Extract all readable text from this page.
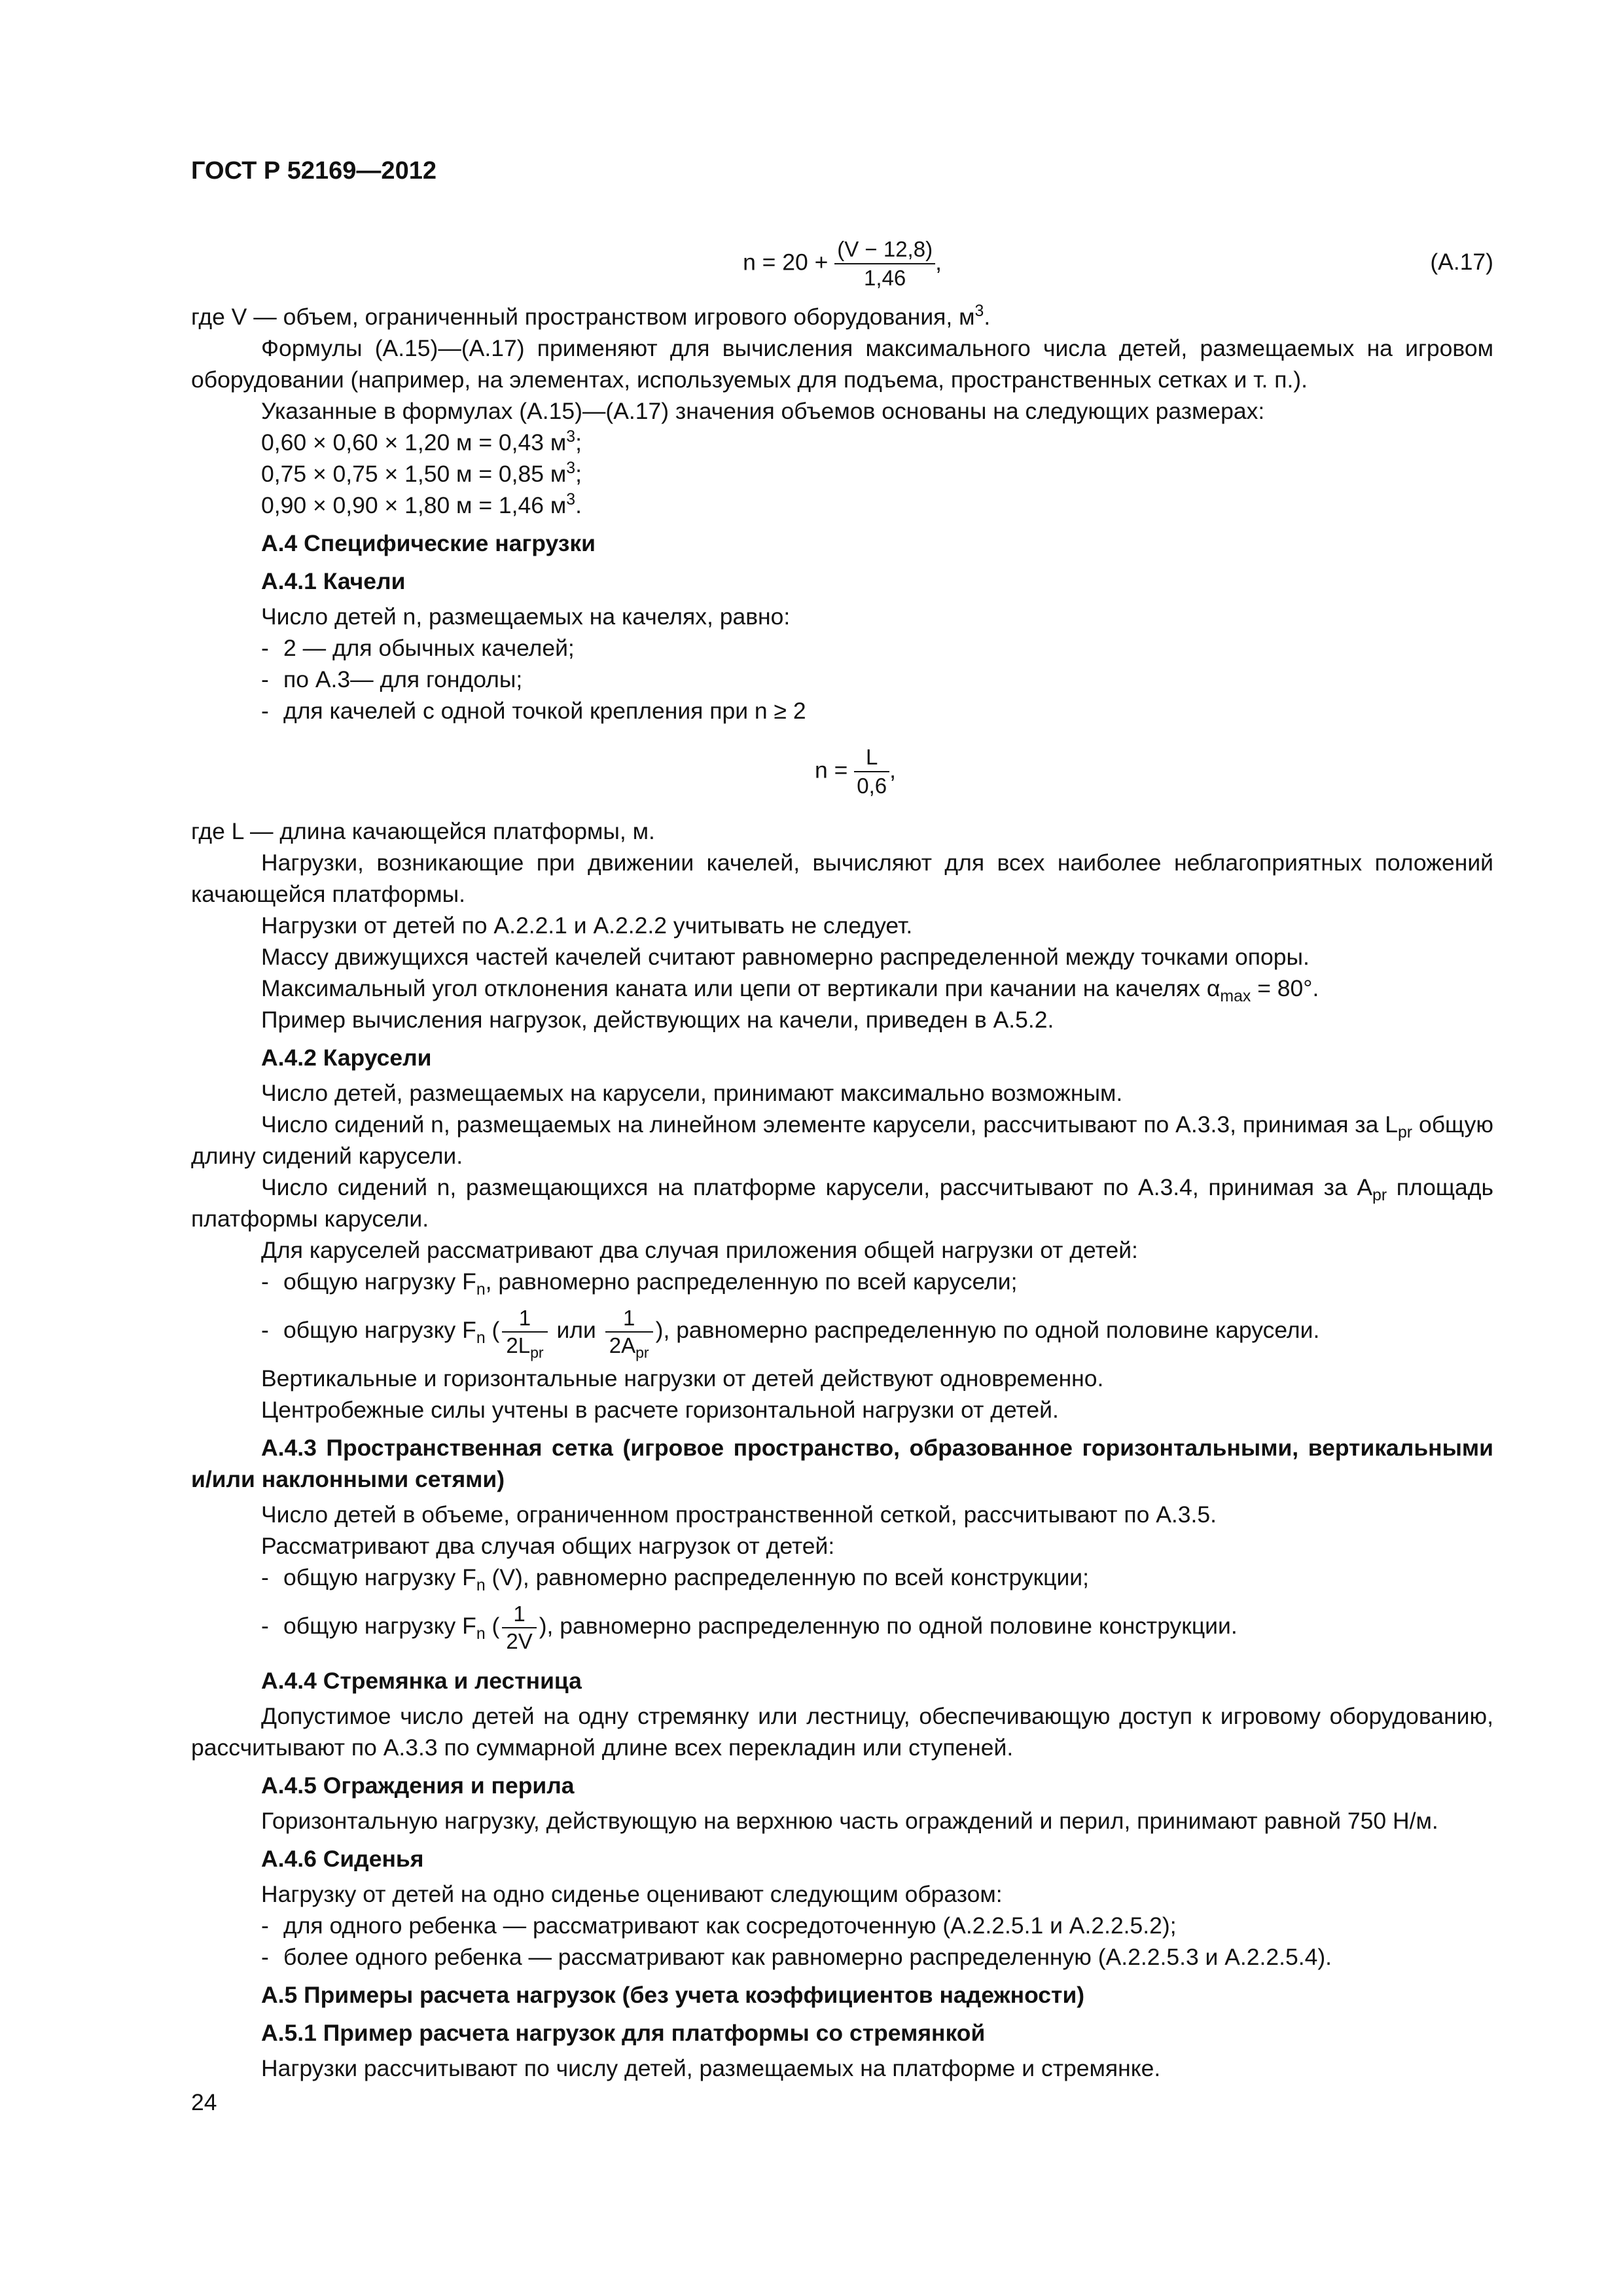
ГОСТ Р 52169—2012
$n = 20 + \frac{(V - 12,8)}{1,46}$ ,	(А.17)

где V — объем, ограниченный пространством игрового оборудования, $м^3$.

Формулы (А.15)—(А.17) применяют для вычисления максимального числа детей, размещаемых на игровом оборудовании (например, на элементах, используемых для подъема, пространственных сетках и т. п.).

Указанные в формулах (А.15)—(А.17) значения объемов основаны на следующих размерах:

0,60 × 0,60 × 1,20 м = 0,43 $м^3$;

0,75 × 0,75 × 1,50 м = 0,85 $м^3$;

0,90 × 0,90 × 1,80 м = 1,46 $м^3$.

А.4 Специфические нагрузки

А.4.1 Качели

Число детей n, размещаемых на качелях, равно:

- 2 — для обычных качелей;

- по А.3— для гондолы;

- для качелей с одной точкой крепления при n ≥ 2

$n = \frac{L}{0,6}$ ,

где L — длина качающейся платформы, м.

Нагрузки, возникающие при движении качелей, вычисляют для всех наиболее неблагоприятных положений качающейся платформы.

Нагрузки от детей по А.2.2.1 и А.2.2.2 учитывать не следует.

Массу движущихся частей качелей считают равномерно распределенной между точками опоры.

Максимальный угол отклонения каната или цепи от вертикали при качании на качелях $\alpha_{max} = 80^\circ$.

Пример вычисления нагрузок, действующих на качели, приведен в А.5.2.

А.4.2 Карусели

Число детей, размещаемых на карусели, принимают максимально возможным.

Число сидений n, размещаемых на линейном элементе карусели, рассчитывают по А.3.3, принимая за $L_{pr}$ общую длину сидений карусели.

Число сидений n, размещающихся на платформе карусели, рассчитывают по А.3.4, принимая за $A_{pr}$ площадь платформы карусели.

Для каруселей рассматривают два случая приложения общей нагрузки от детей:

- общую нагрузку $F_n$, равномерно распределенную по всей карусели;

- общую нагрузку $F_n$ ( $\frac{1}{2L_{pr}}$ или $\frac{1}{2A_{pr}}$ ), равномерно распределенную по одной половине карусели.

Вертикальные и горизонтальные нагрузки от детей действуют одновременно.

Центробежные силы учтены в расчете горизонтальной нагрузки от детей.

А.4.3 Пространственная сетка (игровое пространство, образованное горизонтальными, вертикальными и/или наклонными сетями)

Число детей в объеме, ограниченном пространственной сеткой, рассчитывают по А.3.5.

Рассматривают два случая общих нагрузок от детей:

- общую нагрузку $F_n$ (V), равномерно распределенную по всей конструкции;

- общую нагрузку $F_n$ ( $\frac{1}{2V}$ ), равномерно распределенную по одной половине конструкции.

А.4.4 Стремянка и лестница

Допустимое число детей на одну стремянку или лестницу, обеспечивающую доступ к игровому оборудованию, рассчитывают по А.3.3 по суммарной длине всех перекладин или ступеней.

А.4.5 Ограждения и перила

Горизонтальную нагрузку, действующую на верхнюю часть ограждений и перил, принимают равной 750 Н/м.

А.4.6 Сиденья

Нагрузку от детей на одно сиденье оценивают следующим образом:

- для одного ребенка — рассматривают как сосредоточенную (А.2.2.5.1 и А.2.2.5.2);

- более одного ребенка — рассматривают как равномерно распределенную (А.2.2.5.3 и А.2.2.5.4).

А.5 Примеры расчета нагрузок (без учета коэффициентов надежности)

А.5.1 Пример расчета нагрузок для платформы со стремянкой

Нагрузки рассчитывают по числу детей, размещаемых на платформе и стремянке.

24
